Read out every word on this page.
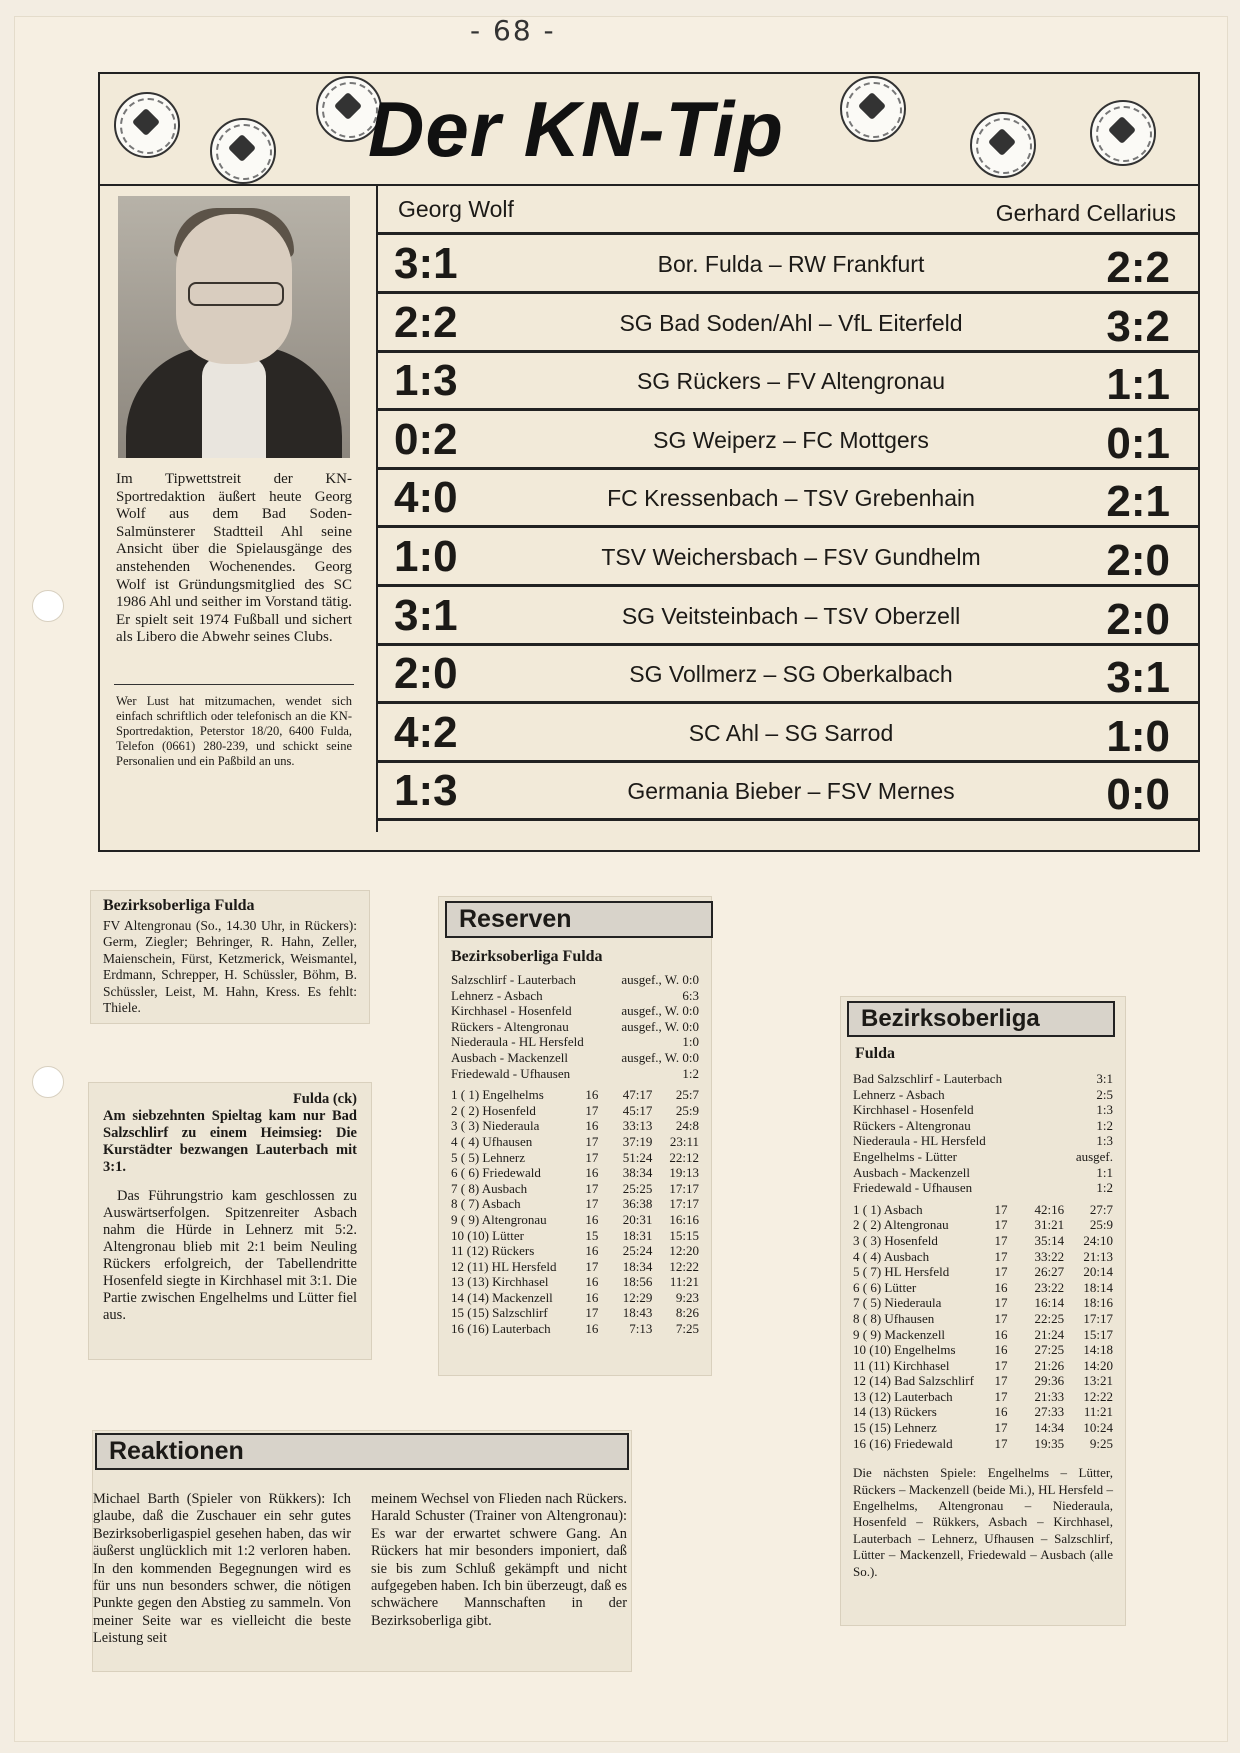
- 68 -
Der KN-Tip
Im Tipwettstreit der KN-Sportredaktion äußert heute Georg Wolf aus dem Bad Soden-Salmünsterer Stadtteil Ahl seine Ansicht über die Spielausgänge des anstehenden Wochenendes. Georg Wolf ist Gründungsmitglied des SC 1986 Ahl und seither im Vorstand tätig. Er spielt seit 1974 Fußball und sichert als Libero die Abwehr seines Clubs.
Wer Lust hat mitzumachen, wendet sich einfach schriftlich oder telefonisch an die KN-Sportredaktion, Peterstor 18/20, 6400 Fulda, Telefon (0661) 280-239, und schickt seine Personalien und ein Paßbild an uns.
Georg Wolf	Gerhard Cellarius
3:1	Bor. Fulda – RW Frankfurt	2:2
2:2	SG Bad Soden/Ahl – VfL Eiterfeld	3:2
1:3	SG Rückers – FV Altengronau	1:1
0:2	SG Weiperz – FC Mottgers	0:1
4:0	FC Kressenbach – TSV Grebenhain	2:1
1:0	TSV Weichersbach – FSV Gundhelm	2:0
3:1	SG Veitsteinbach – TSV Oberzell	2:0
2:0	SG Vollmerz – SG Oberkalbach	3:1
4:2	SC Ahl – SG Sarrod	1:0
1:3	Germania Bieber – FSV Mernes	0:0
Bezirksoberliga Fulda
FV Altengronau (So., 14.30 Uhr, in Rückers): Germ, Ziegler; Behringer, R. Hahn, Zeller, Maienschein, Fürst, Ketzmerick, Weismantel, Erdmann, Schrepper, H. Schüssler, Böhm, B. Schüssler, Leist, M. Hahn, Kress. Es fehlt: Thiele.
Fulda (ck)
Am siebzehnten Spieltag kam nur Bad Salzschlirf zu einem Heimsieg: Die Kurstädter bezwangen Lauterbach mit 3:1.
Das Führungstrio kam geschlossen zu Auswärtserfolgen. Spitzenreiter Asbach nahm die Hürde in Lehnerz mit 5:2. Altengronau blieb mit 2:1 beim Neuling Rückers erfolgreich, der Tabellendritte Hosenfeld siegte in Kirchhasel mit 3:1. Die Partie zwischen Engelhelms und Lütter fiel aus.
Reserven
Bezirksoberliga Fulda
Salzschlirf - Lauterbach	ausgef., W. 0:0
Lehnerz - Asbach	6:3
Kirchhasel - Hosenfeld	ausgef., W. 0:0
Rückers - Altengronau	ausgef., W. 0:0
Niederaula - HL Hersfeld	1:0
Ausbach - Mackenzell	ausgef., W. 0:0
Friedewald - Ufhausen	1:2
1 ( 1) Engelhelms	16	47:17	25:7
2 ( 2) Hosenfeld	17	45:17	25:9
3 ( 3) Niederaula	16	33:13	24:8
4 ( 4) Ufhausen	17	37:19	23:11
5 ( 5) Lehnerz	17	51:24	22:12
6 ( 6) Friedewald	16	38:34	19:13
7 ( 8) Ausbach	17	25:25	17:17
8 ( 7) Asbach	17	36:38	17:17
9 ( 9) Altengronau	16	20:31	16:16
10 (10) Lütter	15	18:31	15:15
11 (12) Rückers	16	25:24	12:20
12 (11) HL Hersfeld	17	18:34	12:22
13 (13) Kirchhasel	16	18:56	11:21
14 (14) Mackenzell	16	12:29	9:23
15 (15) Salzschlirf	17	18:43	8:26
16 (16) Lauterbach	16	7:13	7:25
Bezirksoberliga
Fulda
Bad Salzschlirf - Lauterbach	3:1
Lehnerz - Asbach	2:5
Kirchhasel - Hosenfeld	1:3
Rückers - Altengronau	1:2
Niederaula - HL Hersfeld	1:3
Engelhelms - Lütter	ausgef.
Ausbach - Mackenzell	1:1
Friedewald - Ufhausen	1:2
1 ( 1) Asbach	17	42:16	27:7
2 ( 2) Altengronau	17	31:21	25:9
3 ( 3) Hosenfeld	17	35:14	24:10
4 ( 4) Ausbach	17	33:22	21:13
5 ( 7) HL Hersfeld	17	26:27	20:14
6 ( 6) Lütter	16	23:22	18:14
7 ( 5) Niederaula	17	16:14	18:16
8 ( 8) Ufhausen	17	22:25	17:17
9 ( 9) Mackenzell	16	21:24	15:17
10 (10) Engelhelms	16	27:25	14:18
11 (11) Kirchhasel	17	21:26	14:20
12 (14) Bad Salzschlirf	17	29:36	13:21
13 (12) Lauterbach	17	21:33	12:22
14 (13) Rückers	16	27:33	11:21
15 (15) Lehnerz	17	14:34	10:24
16 (16) Friedewald	17	19:35	9:25
Die nächsten Spiele: Engelhelms – Lütter, Rückers – Mackenzell (beide Mi.), HL Hersfeld – Engelhelms, Altengronau – Niederaula, Hosenfeld – Rükkers, Asbach – Kirchhasel, Lauterbach – Lehnerz, Ufhausen – Salzschlirf, Lütter – Mackenzell, Friedewald – Ausbach (alle So.).
Reaktionen
Michael Barth (Spieler von Rükkers): Ich glaube, daß die Zuschauer ein sehr gutes Bezirksoberligaspiel gesehen haben, das wir äußerst unglücklich mit 1:2 verloren haben. In den kommenden Begegnungen wird es für uns nun besonders schwer, die nötigen Punkte gegen den Abstieg zu sammeln. Von meiner Seite war es vielleicht die beste Leistung seit
meinem Wechsel von Flieden nach Rückers. Harald Schuster (Trainer von Altengronau): Es war der erwartet schwere Gang. An Rückers hat mir besonders imponiert, daß sie bis zum Schluß gekämpft und nicht aufgegeben haben. Ich bin überzeugt, daß es schwächere Mannschaften in der Bezirksoberliga gibt.
